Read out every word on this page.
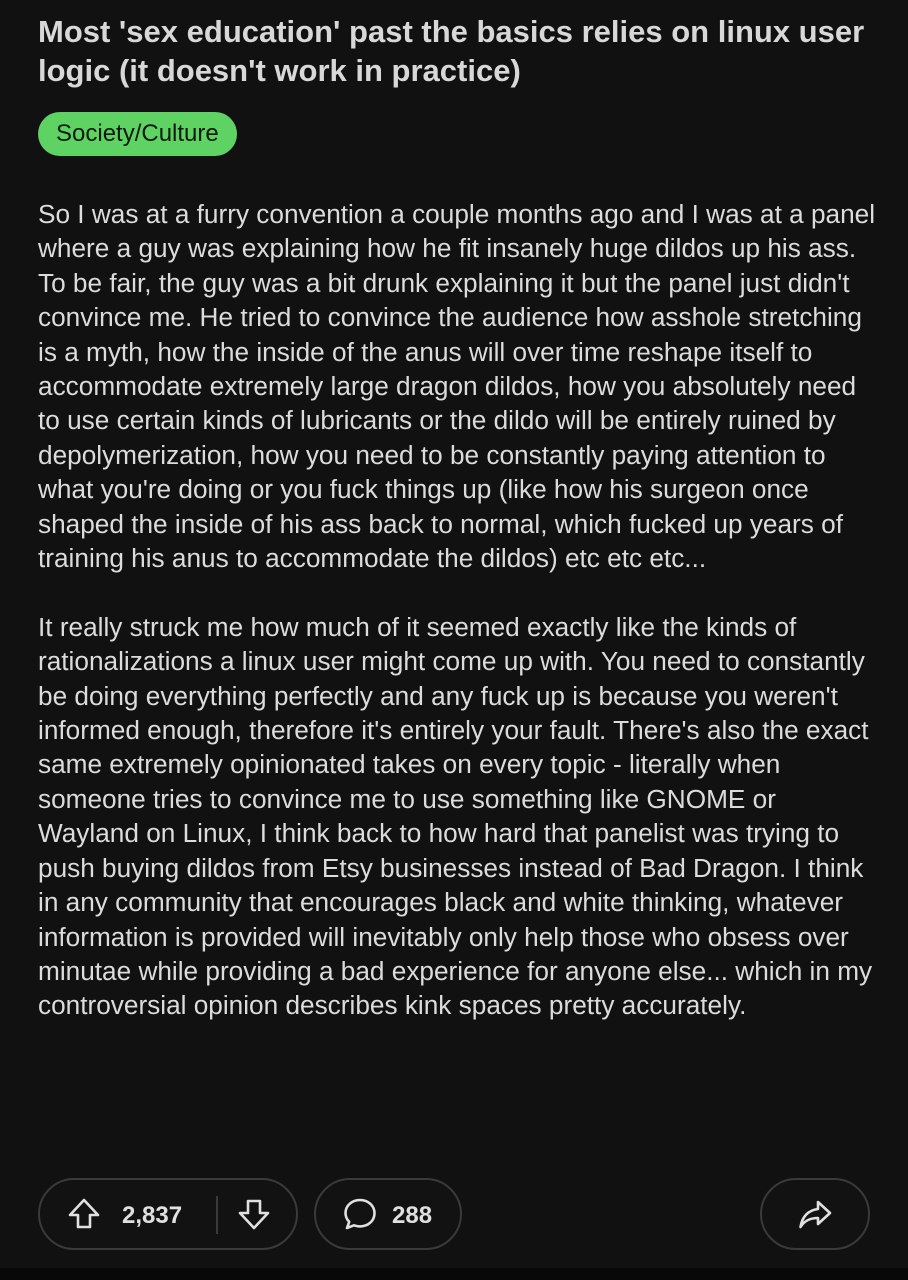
Most 'sex education' past the basics relies on linux user logic (it doesn't work in practice)
Society/Culture

So I was at a furry convention a couple months ago and I was at a panel where a guy was explaining how he fit insanely huge dildos up his ass. To be fair, the guy was a bit drunk explaining it but the panel just didn't convince me. He tried to convince the audience how asshole stretching is a myth, how the inside of the anus will over time reshape itself to accommodate extremely large dragon dildos, how you absolutely need to use certain kinds of lubricants or the dildo will be entirely ruined by depolymerization, how you need to be constantly paying attention to what you're doing or you fuck things up (like how his surgeon once shaped the inside of his ass back to normal, which fucked up years of training his anus to accommodate the dildos) etc etc etc...

It really struck me how much of it seemed exactly like the kinds of rationalizations a linux user might come up with. You need to constantly be doing everything perfectly and any fuck up is because you weren't informed enough, therefore it's entirely your fault. There's also the exact same extremely opinionated takes on every topic - literally when someone tries to convince me to use something like GNOME or Wayland on Linux, I think back to how hard that panelist was trying to push buying dildos from Etsy businesses instead of Bad Dragon. I think in any community that encourages black and white thinking, whatever information is provided will inevitably only help those who obsess over minutae while providing a bad experience for anyone else... which in my controversial opinion describes kink spaces pretty accurately.

2,837	288
